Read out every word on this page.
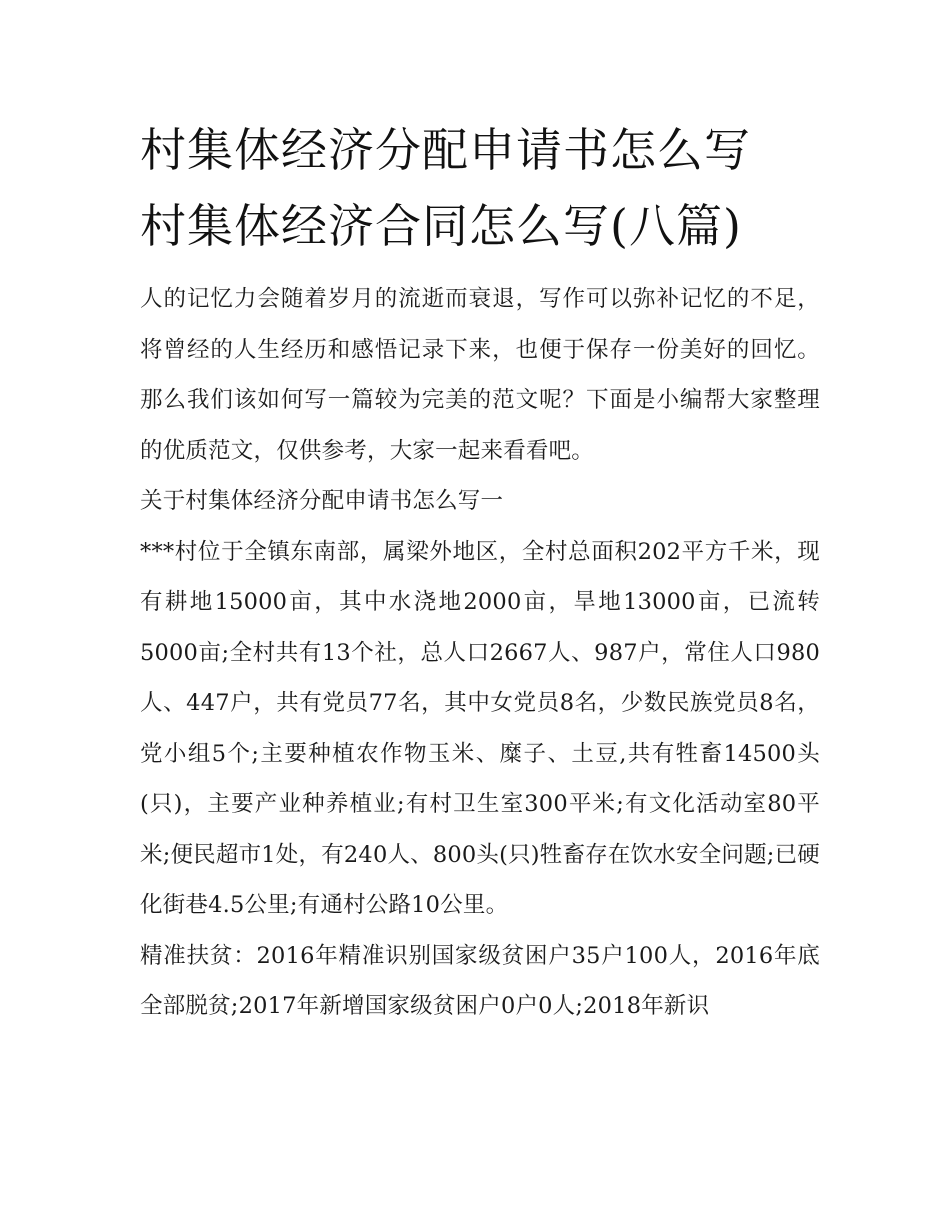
村集体经济分配申请书怎么写
村集体经济合同怎么写(八篇)

人的记忆力会随着岁月的流逝而衰退，写作可以弥补记忆的不足，将曾经的人生经历和感悟记录下来，也便于保存一份美好的回忆。那么我们该如何写一篇较为完美的范文呢？下面是小编帮大家整理的优质范文，仅供参考，大家一起来看看吧。

关于村集体经济分配申请书怎么写一

***村位于全镇东南部，属梁外地区，全村总面积202平方千米，现有耕地15000亩，其中水浇地2000亩，旱地13000亩，已流转5000亩;全村共有13个社，总人口2667人、987户，常住人口980人、447户，共有党员77名，其中女党员8名，少数民族党员8名，党小组5个;主要种植农作物玉米、糜子、土豆,共有牲畜14500头(只)，主要产业种养植业;有村卫生室300平米;有文化活动室80平米;便民超市1处，有240人、800头(只)牲畜存在饮水安全问题;已硬化街巷4.5公里;有通村公路10公里。

精准扶贫：2016年精准识别国家级贫困户35户100人，2016年底全部脱贫;2017年新增国家级贫困户0户0人;2018年新识
